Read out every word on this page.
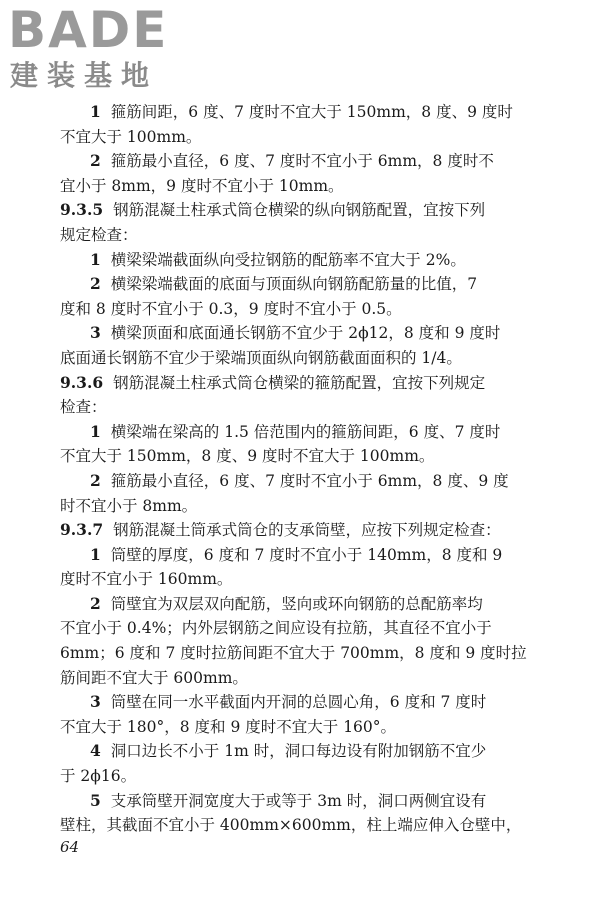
BADE
建装基地
1 箍筋间距，6 度、7 度时不宜大于 150mm，8 度、9 度时
不宜大于 100mm。
2 箍筋最小直径，6 度、7 度时不宜小于 6mm，8 度时不
宜小于 8mm，9 度时不宜小于 10mm。
9.3.5 钢筋混凝土柱承式筒仓横梁的纵向钢筋配置，宜按下列
规定检查：
1 横梁梁端截面纵向受拉钢筋的配筋率不宜大于 2%。
2 横梁梁端截面的底面与顶面纵向钢筋配筋量的比值，7
度和 8 度时不宜小于 0.3，9 度时不宜小于 0.5。
3 横梁顶面和底面通长钢筋不宜少于 2ϕ12，8 度和 9 度时
底面通长钢筋不宜少于梁端顶面纵向钢筋截面面积的 1/4。
9.3.6 钢筋混凝土柱承式筒仓横梁的箍筋配置，宜按下列规定
检查：
1 横梁端在梁高的 1.5 倍范围内的箍筋间距，6 度、7 度时
不宜大于 150mm，8 度、9 度时不宜大于 100mm。
2 箍筋最小直径，6 度、7 度时不宜小于 6mm，8 度、9 度
时不宜小于 8mm。
9.3.7 钢筋混凝土筒承式筒仓的支承筒壁，应按下列规定检查：
1 筒壁的厚度，6 度和 7 度时不宜小于 140mm，8 度和 9
度时不宜小于 160mm。
2 筒壁宜为双层双向配筋，竖向或环向钢筋的总配筋率均
不宜小于 0.4%；内外层钢筋之间应设有拉筋，其直径不宜小于
6mm；6 度和 7 度时拉筋间距不宜大于 700mm，8 度和 9 度时拉
筋间距不宜大于 600mm。
3 筒壁在同一水平截面内开洞的总圆心角，6 度和 7 度时
不宜大于 180°，8 度和 9 度时不宜大于 160°。
4 洞口边长不小于 1m 时，洞口每边设有附加钢筋不宜少
于 2ϕ16。
5 支承筒壁开洞宽度大于或等于 3m 时，洞口两侧宜设有
壁柱，其截面不宜小于 400mm×600mm，柱上端应伸入仓壁中，
64
